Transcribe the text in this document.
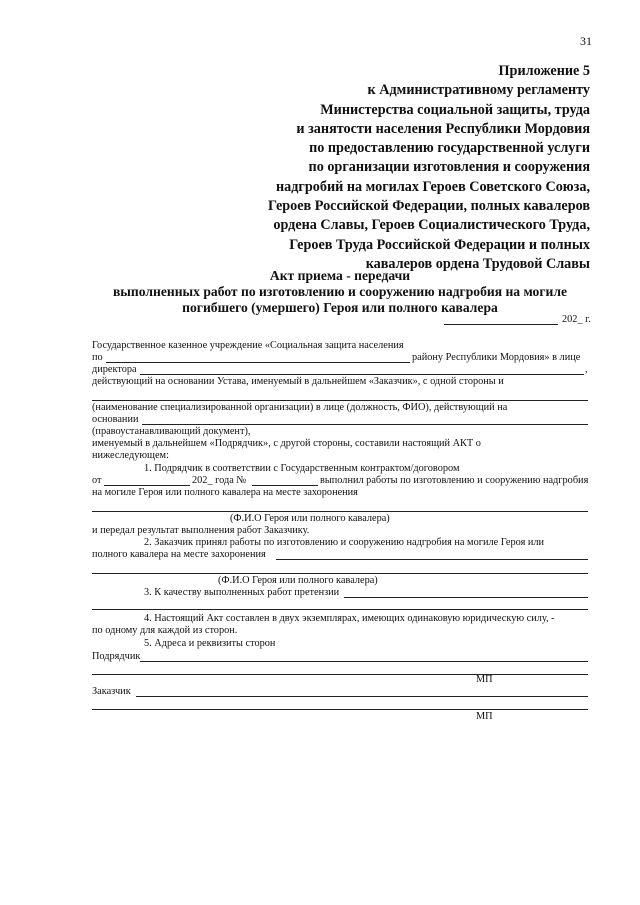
31
Приложение 5
к Административному регламенту
Министерства социальной защиты, труда
и занятости населения Республики Мордовия
по предоставлению государственной услуги
по организации изготовления и сооружения
надгробий на могилах Героев Советского Союза,
Героев Российской Федерации, полных кавалеров
ордена Славы, Героев Социалистического Труда,
Героев Труда Российской Федерации и полных
кавалеров ордена Трудовой Славы
Акт приема - передачи
выполненных работ по изготовлению и сооружению надгробия на могиле
погибшего (умершего) Героя или полного кавалера
202_ г.
Государственное казенное учреждение «Социальная защита населения
по	району Республики Мордовия» в лице
директора	,
действующий на основании Устава, именуемый в дальнейшем «Заказчик», с одной стороны и
(наименование специализированной организации) в лице (должность, ФИО), действующий на
основании
(правоустанавливающий документ),
именуемый в дальнейшем «Подрядчик», с другой стороны, составили настоящий АКТ о
нижеследующем:
1. Подрядчик в соответствии с Государственным контрактом/договором
от	202_ года №	выполнил работы по изготовлению и сооружению надгробия
на могиле Героя или полного кавалера на месте захоронения
(Ф.И.О Героя или полного кавалера)
и передал результат выполнения работ Заказчику.
2. Заказчик принял работы по изготовлению и сооружению надгробия на могиле Героя или
полного кавалера на месте захоронения
(Ф.И.О Героя или полного кавалера)
3. К качеству выполненных работ претензии
4. Настоящий Акт составлен в двух экземплярах, имеющих одинаковую юридическую силу, -
по одному для каждой из сторон.
5. Адреса и реквизиты сторон
Подрядчик
МП
Заказчик
МП
